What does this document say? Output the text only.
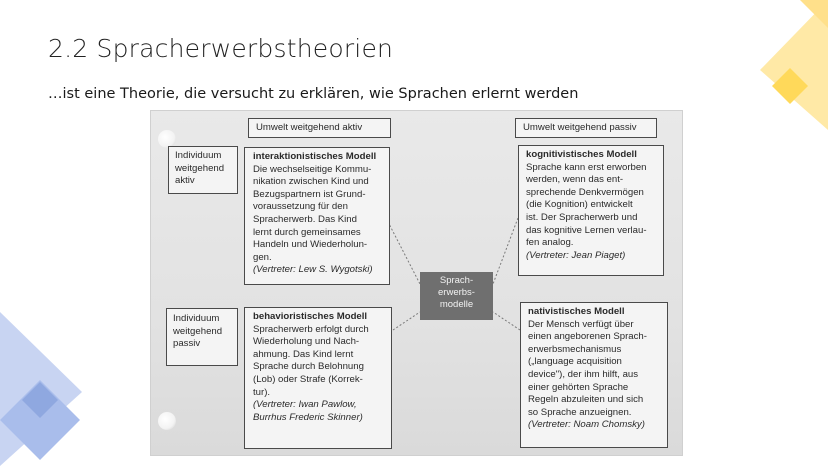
2.2 Spracherwerbstheorien
…ist eine Theorie, die versucht zu erklären, wie Sprachen erlernt werden
Umwelt weitgehend aktiv	Umwelt weitgehend passiv
Individuum
weitgehend
aktiv
Individuum
weitgehend
passiv
interaktionistisches Modell
Die wechselseitige Kommu-
nikation zwischen Kind und
Bezugspartnern ist Grund-
voraussetzung für den
Spracherwerb. Das Kind
lernt durch gemeinsames
Handeln und Wiederholun-
gen.
(Vertreter: Lew S. Wygotski)
kognitivistisches Modell
Sprache kann erst erworben
werden, wenn das ent-
sprechende Denkvermögen
(die Kognition) entwickelt
ist. Der Spracherwerb und
das kognitive Lernen verlau-
fen analog.
(Vertreter: Jean Piaget)
Sprach-
erwerbs-
modelle
behavioristisches Modell
Spracherwerb erfolgt durch
Wiederholung und Nach-
ahmung. Das Kind lernt
Sprache durch Belohnung
(Lob) oder Strafe (Korrek-
tur).
(Vertreter: Iwan Pawlow,
Burrhus Frederic Skinner)
nativistisches Modell
Der Mensch verfügt über
einen angeborenen Sprach-
erwerbsmechanismus
(„language acquisition
device"), der ihm hilft, aus
einer gehörten Sprache
Regeln abzuleiten und sich
so Sprache anzueignen.
(Vertreter: Noam Chomsky)
